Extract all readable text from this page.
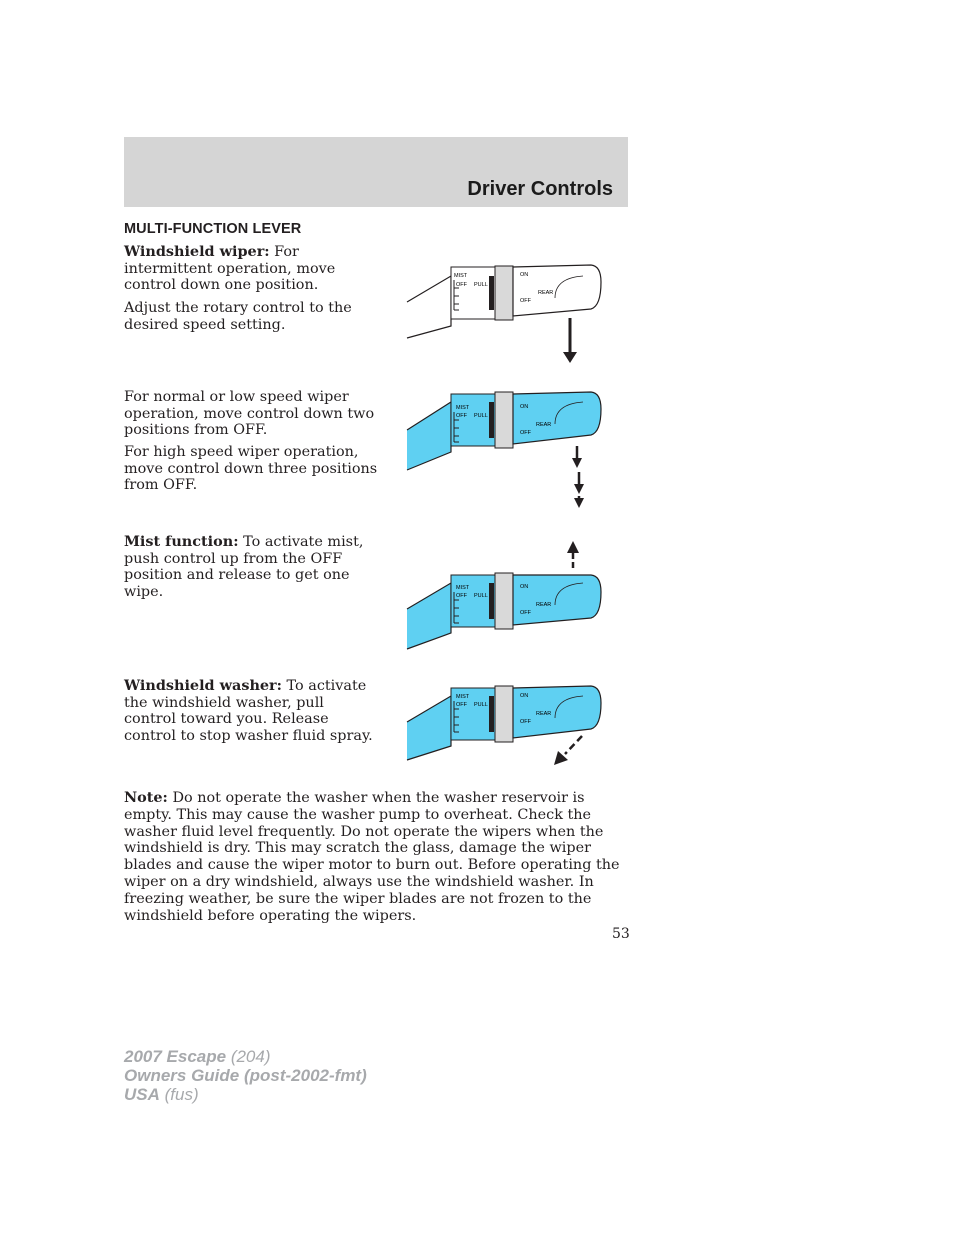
Driver Controls
MULTI-FUNCTION LEVER

Windshield wiper: For intermittent operation, move control down one position.

Adjust the rotary control to the desired speed setting.

For normal or low speed wiper operation, move control down two positions from OFF.

For high speed wiper operation, move control down three positions from OFF.

Mist function: To activate mist, push control up from the OFF position and release to get one wipe.

Windshield washer: To activate the windshield washer, pull control toward you. Release control to stop washer fluid spray.

Note: Do not operate the washer when the washer reservoir is empty. This may cause the washer pump to overheat. Check the washer fluid level frequently. Do not operate the wipers when the windshield is dry. This may scratch the glass, damage the wiper blades and cause the wiper motor to burn out. Before operating the wiper on a dry windshield, always use the windshield washer. In freezing weather, be sure the wiper blades are not frozen to the windshield before operating the wipers.

MIST
OFF PULL
ON
REAR
OFF
MIST
OFF PULL
ON
REAR
OFF
MIST
OFF PULL
ON
REAR
OFF
MIST
OFF PULL
ON
REAR
OFF
53
2007 Escape (204)
Owners Guide (post-2002-fmt)
USA (fus)
